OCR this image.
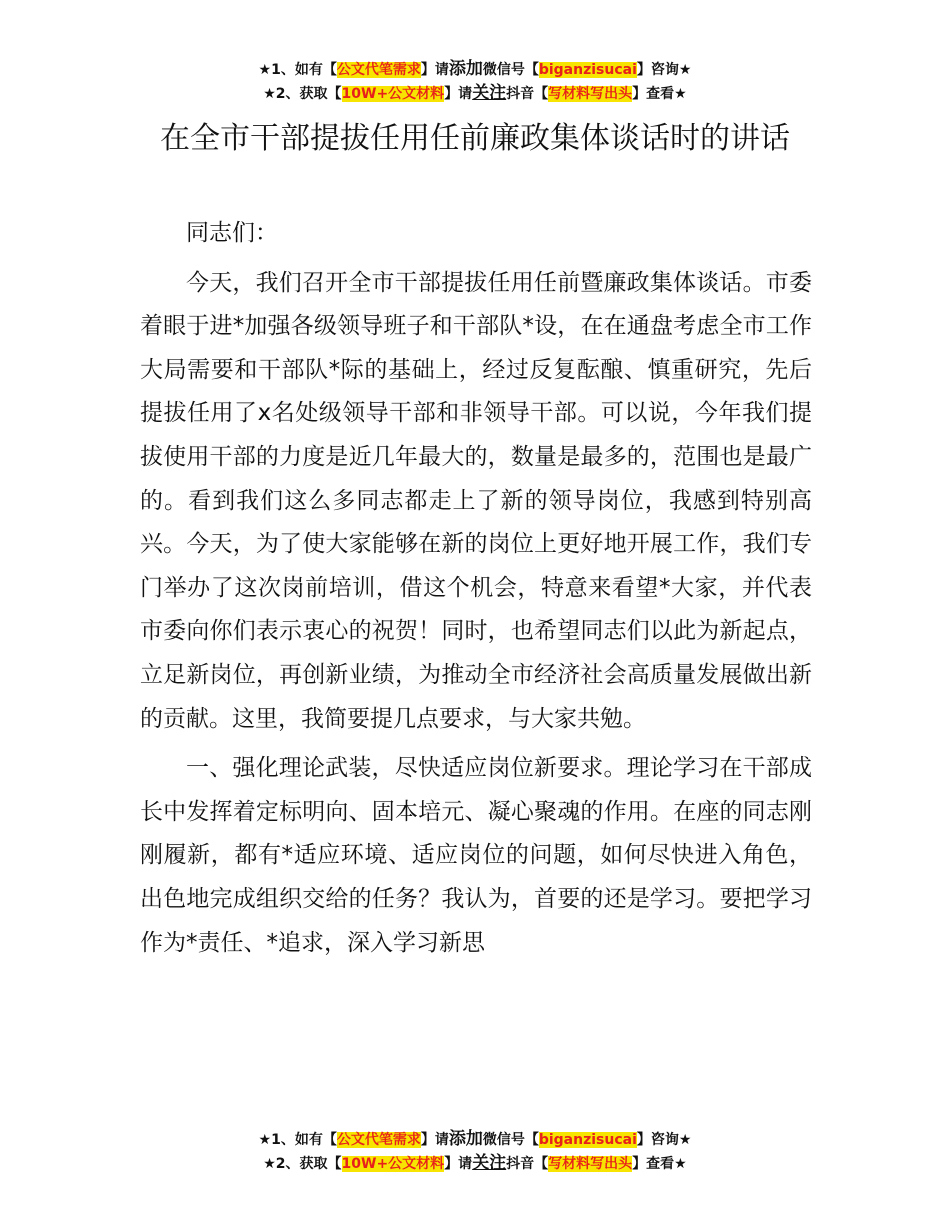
★1、如有【公文代笔需求】请添加微信号【biganzisucai】咨询★
★2、获取【10W+公文材料】请关注抖音【写材料写出头】查看★
在全市干部提拔任用任前廉政集体谈话时的讲话

同志们：

今天，我们召开全市干部提拔任用任前暨廉政集体谈话。市委着眼于进*加强各级领导班子和干部队*设，在在通盘考虑全市工作大局需要和干部队*际的基础上，经过反复酝酿、慎重研究，先后提拔任用了x名处级领导干部和非领导干部。可以说，今年我们提拔使用干部的力度是近几年最大的，数量是最多的，范围也是最广的。看到我们这么多同志都走上了新的领导岗位，我感到特别高兴。今天，为了使大家能够在新的岗位上更好地开展工作，我们专门举办了这次岗前培训，借这个机会，特意来看望*大家，并代表市委向你们表示衷心的祝贺！同时，也希望同志们以此为新起点，立足新岗位，再创新业绩，为推动全市经济社会高质量发展做出新的贡献。这里，我简要提几点要求，与大家共勉。

一、强化理论武装，尽快适应岗位新要求。理论学习在干部成长中发挥着定标明向、固本培元、凝心聚魂的作用。在座的同志刚刚履新，都有*适应环境、适应岗位的问题，如何尽快进入角色，出色地完成组织交给的任务？我认为，首要的还是学习。要把学习作为*责任、*追求，深入学习新思

★1、如有【公文代笔需求】请添加微信号【biganzisucai】咨询★
★2、获取【10W+公文材料】请关注抖音【写材料写出头】查看★
